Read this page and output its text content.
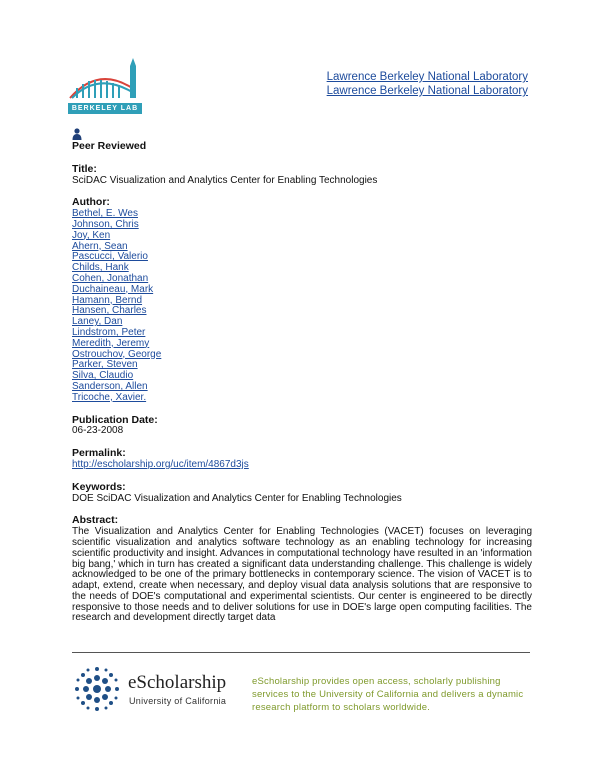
BERKELEY LAB
Lawrence Berkeley National Laboratory
Lawrence Berkeley National Laboratory
Peer Reviewed
Title:
SciDAC Visualization and Analytics Center for Enabling Technologies
Author:
Bethel, E. Wes
Johnson, Chris
Joy, Ken
Ahern, Sean
Pascucci, Valerio
Childs, Hank
Cohen, Jonathan
Duchaineau, Mark
Hamann, Bernd
Hansen, Charles
Laney, Dan
Lindstrom, Peter
Meredith, Jeremy
Ostrouchov, George
Parker, Steven
Silva, Claudio
Sanderson, Allen
Tricoche, Xavier.
Publication Date:
06-23-2008
Permalink:
http://escholarship.org/uc/item/4867d3js
Keywords:
DOE SciDAC Visualization and Analytics Center for Enabling Technologies
Abstract:
The Visualization and Analytics Center for Enabling Technologies (VACET) focuses on leveraging scientific visualization and analytics software technology as an enabling technology for increasing scientific productivity and insight. Advances in computational technology have resulted in an 'information big bang,' which in turn has created a significant data understanding challenge. This challenge is widely acknowledged to be one of the primary bottlenecks in contemporary science. The vision of VACET is to adapt, extend, create when necessary, and deploy visual data analysis solutions that are responsive to the needs of DOE's computational and experimental scientists. Our center is engineered to be directly responsive to those needs and to deliver solutions for use in DOE's large open computing facilities. The research and development directly target data
eScholarship
University of California
eScholarship provides open access, scholarly publishing services to the University of California and delivers a dynamic research platform to scholars worldwide.
